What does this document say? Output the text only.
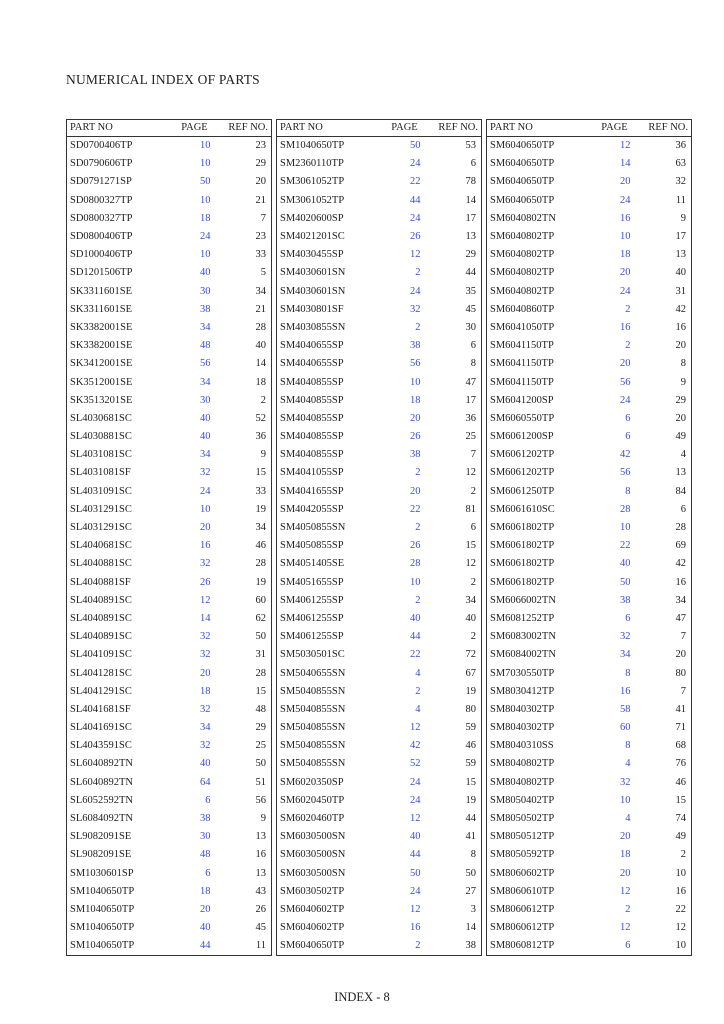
NUMERICAL INDEX OF PARTS
PART NO	PAGE	REF NO.
SD0700406TP	10	23
SD0790606TP	10	29
SD0791271SP	50	20
SD0800327TP	10	21
SD0800327TP	18	7
SD0800406TP	24	23
SD1000406TP	10	33
SD1201506TP	40	5
SK3311601SE	30	34
SK3311601SE	38	21
SK3382001SE	34	28
SK3382001SE	48	40
SK3412001SE	56	14
SK3512001SE	34	18
SK3513201SE	30	2
SL4030681SC	40	52
SL4030881SC	40	36
SL4031081SC	34	9
SL4031081SF	32	15
SL4031091SC	24	33
SL4031291SC	10	19
SL4031291SC	20	34
SL4040681SC	16	46
SL4040881SC	32	28
SL4040881SF	26	19
SL4040891SC	12	60
SL4040891SC	14	62
SL4040891SC	32	50
SL4041091SC	32	31
SL4041281SC	20	28
SL4041291SC	18	15
SL4041681SF	32	48
SL4041691SC	34	29
SL4043591SC	32	25
SL6040892TN	40	50
SL6040892TN	64	51
SL6052592TN	6	56
SL6084092TN	38	9
SL9082091SE	30	13
SL9082091SE	48	16
SM1030601SP	6	13
SM1040650TP	18	43
SM1040650TP	20	26
SM1040650TP	40	45
SM1040650TP	44	11
PART NO	PAGE	REF NO.
SM1040650TP	50	53
SM2360110TP	24	6
SM3061052TP	22	78
SM3061052TP	44	14
SM4020600SP	24	17
SM4021201SC	26	13
SM4030455SP	12	29
SM4030601SN	2	44
SM4030601SN	24	35
SM4030801SF	32	45
SM4030855SN	2	30
SM4040655SP	38	6
SM4040655SP	56	8
SM4040855SP	10	47
SM4040855SP	18	17
SM4040855SP	20	36
SM4040855SP	26	25
SM4040855SP	38	7
SM4041055SP	2	12
SM4041655SP	20	2
SM4042055SP	22	81
SM4050855SN	2	6
SM4050855SP	26	15
SM4051405SE	28	12
SM4051655SP	10	2
SM4061255SP	2	34
SM4061255SP	40	40
SM4061255SP	44	2
SM5030501SC	22	72
SM5040655SN	4	67
SM5040855SN	2	19
SM5040855SN	4	80
SM5040855SN	12	59
SM5040855SN	42	46
SM5040855SN	52	59
SM6020350SP	24	15
SM6020450TP	24	19
SM6020460TP	12	44
SM6030500SN	40	41
SM6030500SN	44	8
SM6030500SN	50	50
SM6030502TP	24	27
SM6040602TP	12	3
SM6040602TP	16	14
SM6040650TP	2	38
PART NO	PAGE	REF NO.
SM6040650TP	12	36
SM6040650TP	14	63
SM6040650TP	20	32
SM6040650TP	24	11
SM6040802TN	16	9
SM6040802TP	10	17
SM6040802TP	18	13
SM6040802TP	20	40
SM6040802TP	24	31
SM6040860TP	2	42
SM6041050TP	16	16
SM6041150TP	2	20
SM6041150TP	20	8
SM6041150TP	56	9
SM6041200SP	24	29
SM6060550TP	6	20
SM6061200SP	6	49
SM6061202TP	42	4
SM6061202TP	56	13
SM6061250TP	8	84
SM6061610SC	28	6
SM6061802TP	10	28
SM6061802TP	22	69
SM6061802TP	40	42
SM6061802TP	50	16
SM6066002TN	38	34
SM6081252TP	6	47
SM6083002TN	32	7
SM6084002TN	34	20
SM7030550TP	8	80
SM8030412TP	16	7
SM8040302TP	58	41
SM8040302TP	60	71
SM8040310SS	8	68
SM8040802TP	4	76
SM8040802TP	32	46
SM8050402TP	10	15
SM8050502TP	4	74
SM8050512TP	20	49
SM8050592TP	18	2
SM8060602TP	20	10
SM8060610TP	12	16
SM8060612TP	2	22
SM8060612TP	12	12
SM8060812TP	6	10
INDEX - 8
